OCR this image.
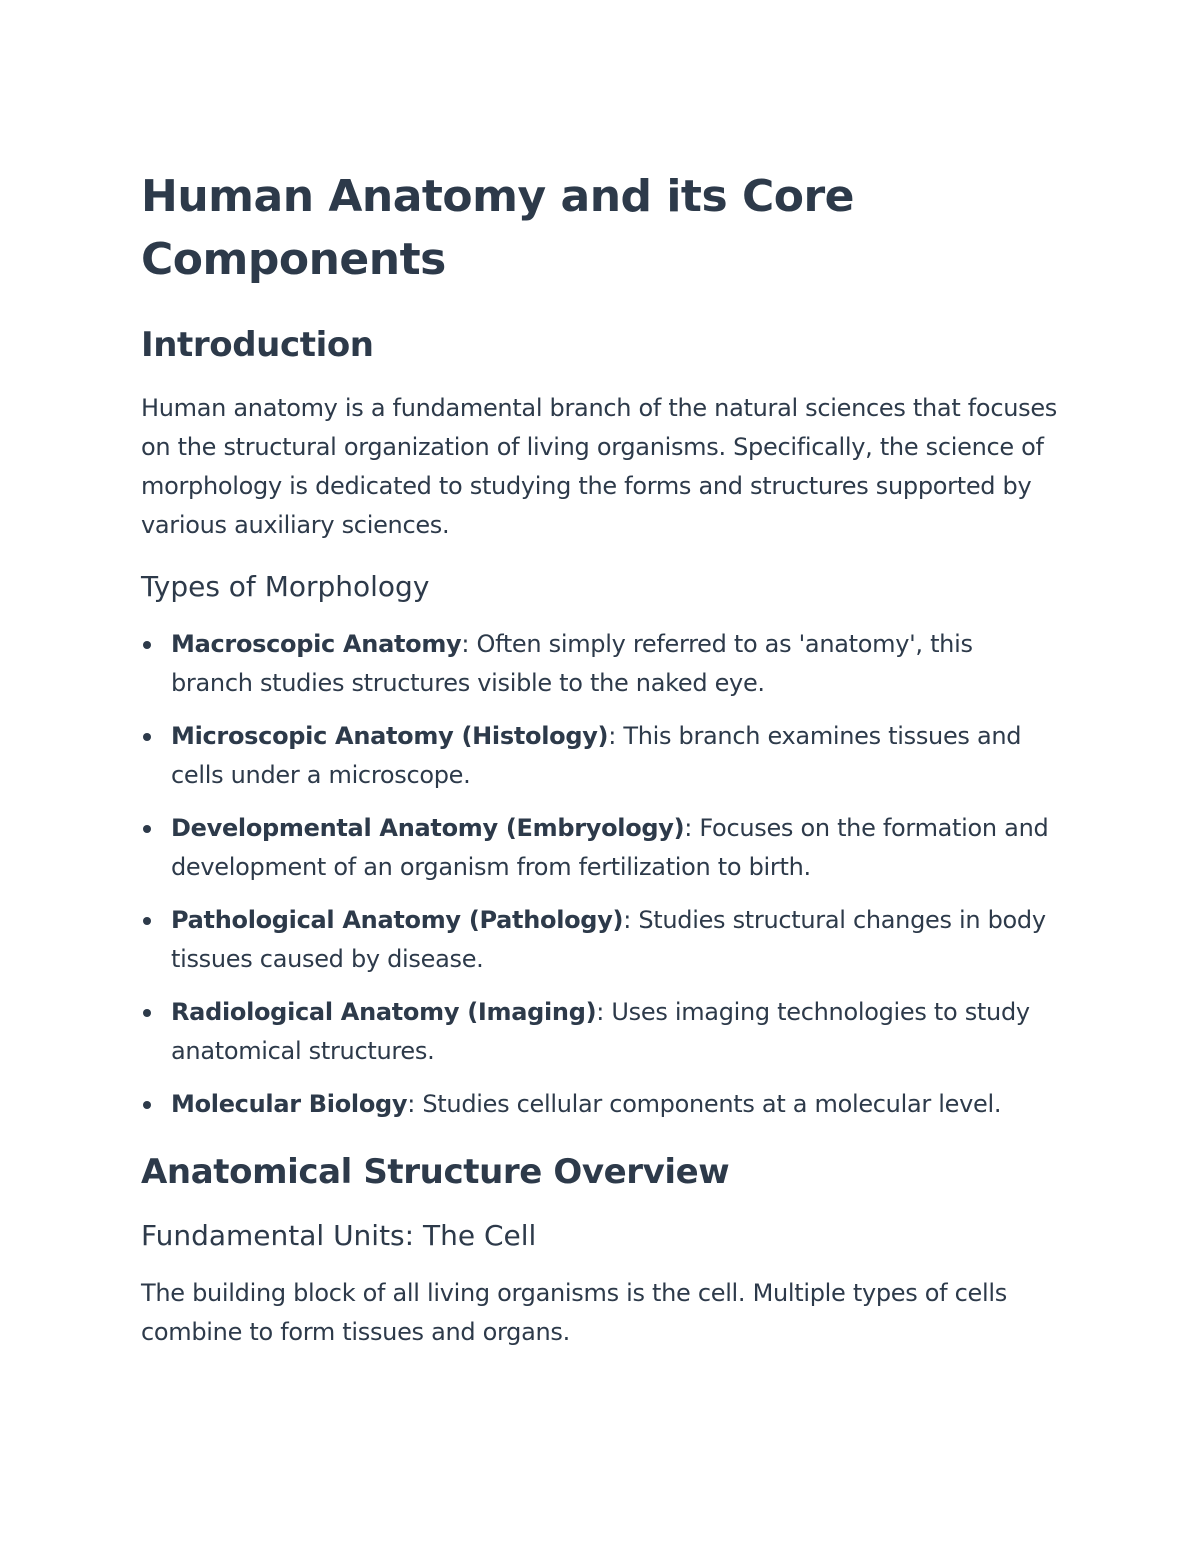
Human Anatomy and its Core Components
Introduction

Human anatomy is a fundamental branch of the natural sciences that focuses on the structural organization of living organisms. Specifically, the science of morphology is dedicated to studying the forms and structures supported by various auxiliary sciences.

Types of Morphology
Macroscopic Anatomy: Often simply referred to as 'anatomy', this branch studies structures visible to the naked eye.
Microscopic Anatomy (Histology): This branch examines tissues and cells under a microscope.
Developmental Anatomy (Embryology): Focuses on the formation and development of an organism from fertilization to birth.
Pathological Anatomy (Pathology): Studies structural changes in body tissues caused by disease.
Radiological Anatomy (Imaging): Uses imaging technologies to study anatomical structures.
Molecular Biology: Studies cellular components at a molecular level.
Anatomical Structure Overview
Fundamental Units: The Cell

The building block of all living organisms is the cell. Multiple types of cells combine to form tissues and organs.
